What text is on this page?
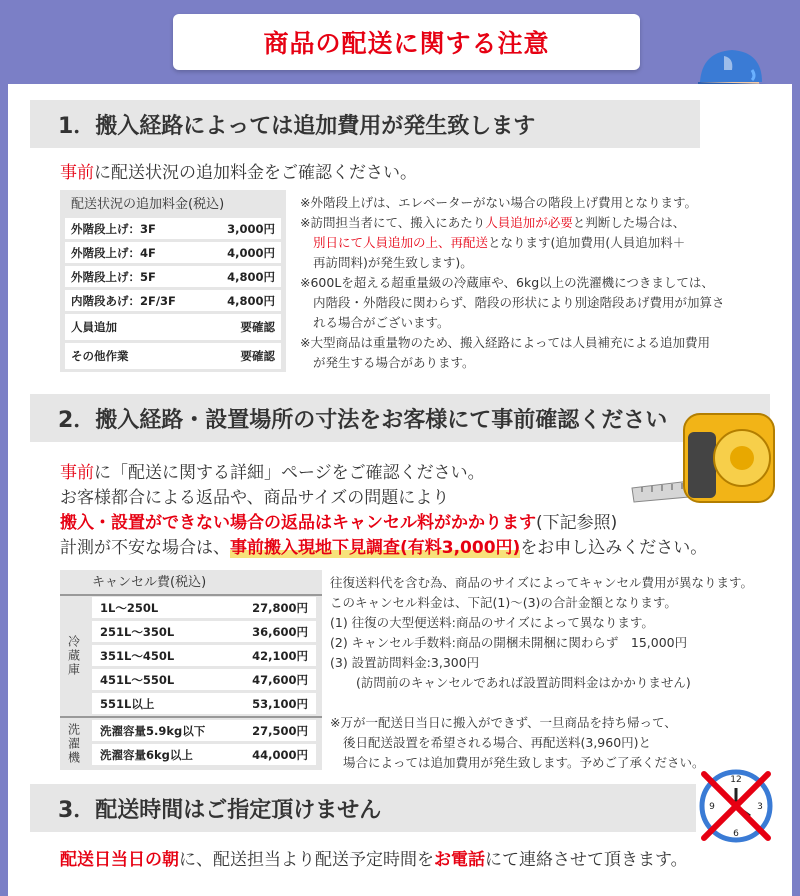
商品の配送に関する注意
1．搬入経路によっては追加費用が発生致します
事前に配送状況の追加料金をご確認ください。
配送状況の追加料金(税込)
外階段上げ：3F	3,000円
外階段上げ：4F	4,000円
外階段上げ：5F	4,800円
内階段あげ：2F/3F	4,800円
人員追加	要確認
その他作業	要確認

※外階段上げは、エレベーターがない場合の階段上げ費用となります。

※訪問担当者にて、搬入にあたり人員追加が必要と判断した場合は、

別日にて人員追加の上、再配送となります(追加費用(人員追加料＋

再訪問料)が発生致します)。

※600Lを超える超重量級の冷蔵庫や、6kg以上の洗濯機につきましては、

内階段・外階段に関わらず、階段の形状により別途階段あげ費用が加算さ

れる場合がございます。

※大型商品は重量物のため、搬入経路によっては人員補充による追加費用

が発生する場合があります。

2．搬入経路・設置場所の寸法をお客様にて事前確認ください
事前に「配送に関する詳細」ページをご確認ください。
お客様都合による返品や、商品サイズの問題により
搬入・設置ができない場合の返品はキャンセル料がかかります(下記参照)
計測が不安な場合は、事前搬入現地下見調査(有料3,000円)をお申し込みください。
キャンセル費(税込)
冷蔵庫
1L〜250L	27,800円
251L〜350L	36,600円
351L〜450L	42,100円
451L〜550L	47,600円
551L以上	53,100円
洗濯機	洗濯容量5.9kg以下	27,500円
洗濯容量6kg以上	44,000円

往復送料代を含む為、商品のサイズによってキャンセル費用が異なります。

このキャンセル料金は、下記(1)〜(3)の合計金額となります。

(1) 往復の大型便送料:商品のサイズによって異なります。

(2) キャンセル手数料:商品の開梱未開梱に関わらず　15,000円

(3) 設置訪問料金:3,300円

(訪問前のキャンセルであれば設置訪問料金はかかりません)

※万が一配送日当日に搬入ができず、一旦商品を持ち帰って、

後日配送設置を希望される場合、再配送料(3,960円)と

場合によっては追加費用が発生致します。予めご了承ください。

3．配送時間はご指定頂けません
12
3
6
9
配送日当日の朝に、配送担当より配送予定時間をお電話にて連絡させて頂きます。
